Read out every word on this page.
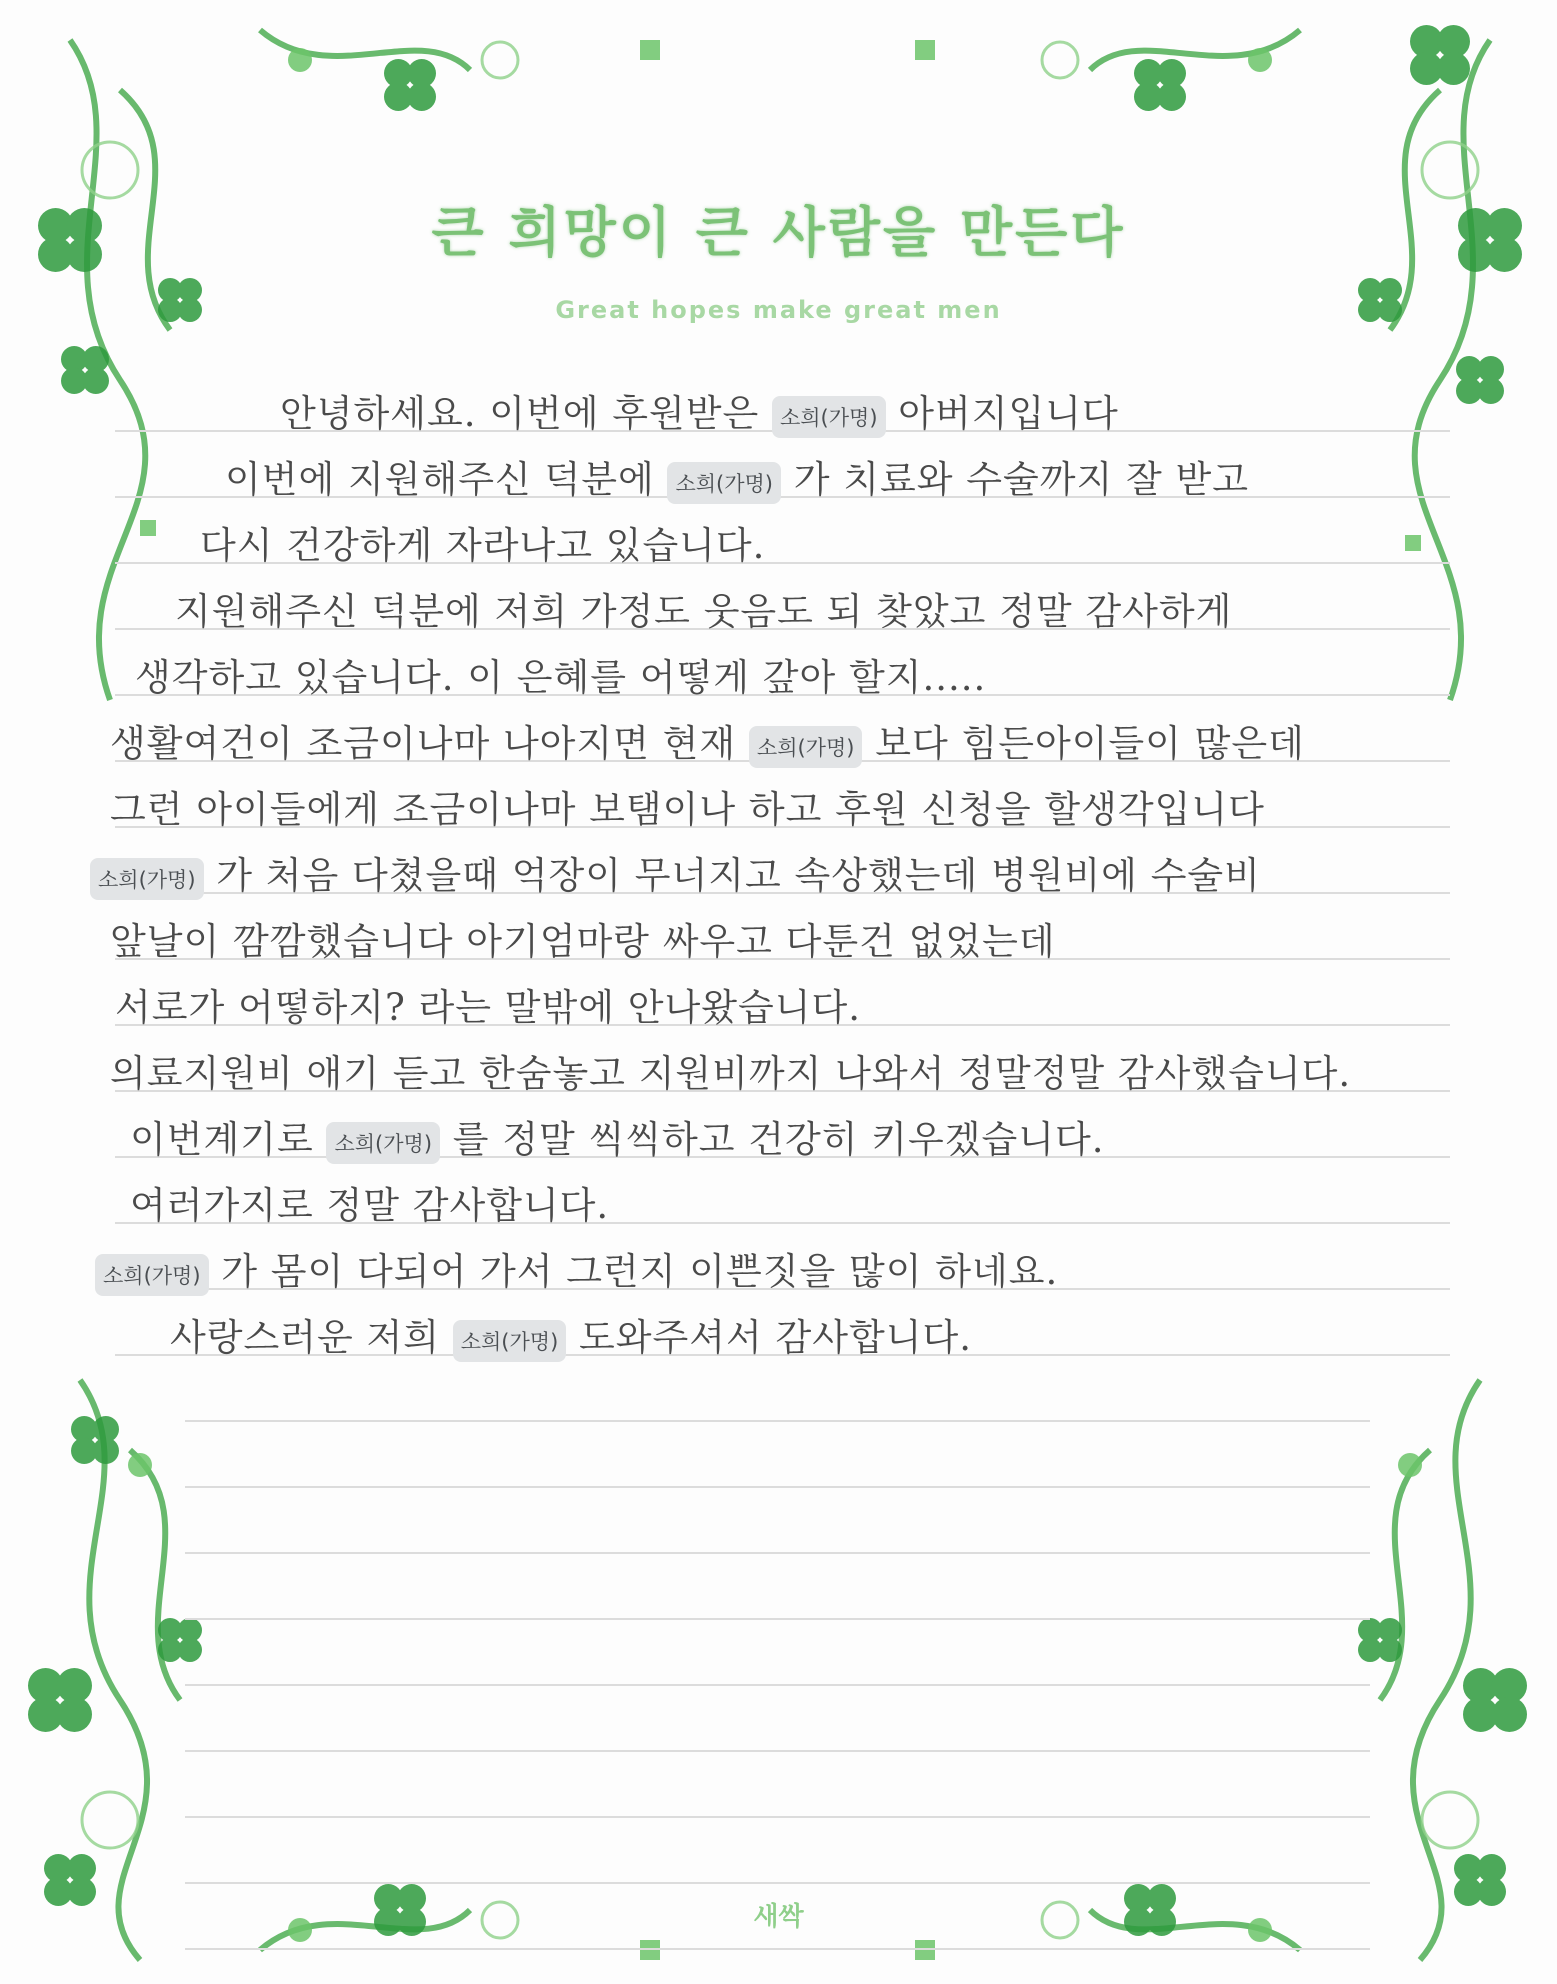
큰 희망이 큰 사람을 만든다
Great hopes make great men
안녕하세요. 이번에 후원받은 소희(가명) 아버지입니다
이번에 지원해주신 덕분에 소희(가명) 가 치료와 수술까지 잘 받고
다시 건강하게 자라나고 있습니다.
지원해주신 덕분에 저희 가정도 웃음도 되 찾았고 정말 감사하게
생각하고 있습니다. 이 은혜를 어떻게 갚아 할지.....
생활여건이 조금이나마 나아지면 현재 소희(가명) 보다 힘든아이들이 많은데
그런 아이들에게 조금이나마 보탬이나 하고 후원 신청을 할생각입니다
소희(가명) 가 처음 다쳤을때 억장이 무너지고 속상했는데 병원비에 수술비
앞날이 깜깜했습니다 아기엄마랑 싸우고 다툰건 없었는데
서로가 어떻하지? 라는 말밖에 안나왔습니다.
의료지원비 애기 듣고 한숨놓고 지원비까지 나와서 정말정말 감사했습니다.
이번계기로 소희(가명) 를 정말 씩씩하고 건강히 키우겠습니다.
여러가지로 정말 감사합니다.
소희(가명) 가 몸이 다되어 가서 그런지 이쁜짓을 많이 하네요.
사랑스러운 저희 소희(가명) 도와주셔서 감사합니다.
새싹
